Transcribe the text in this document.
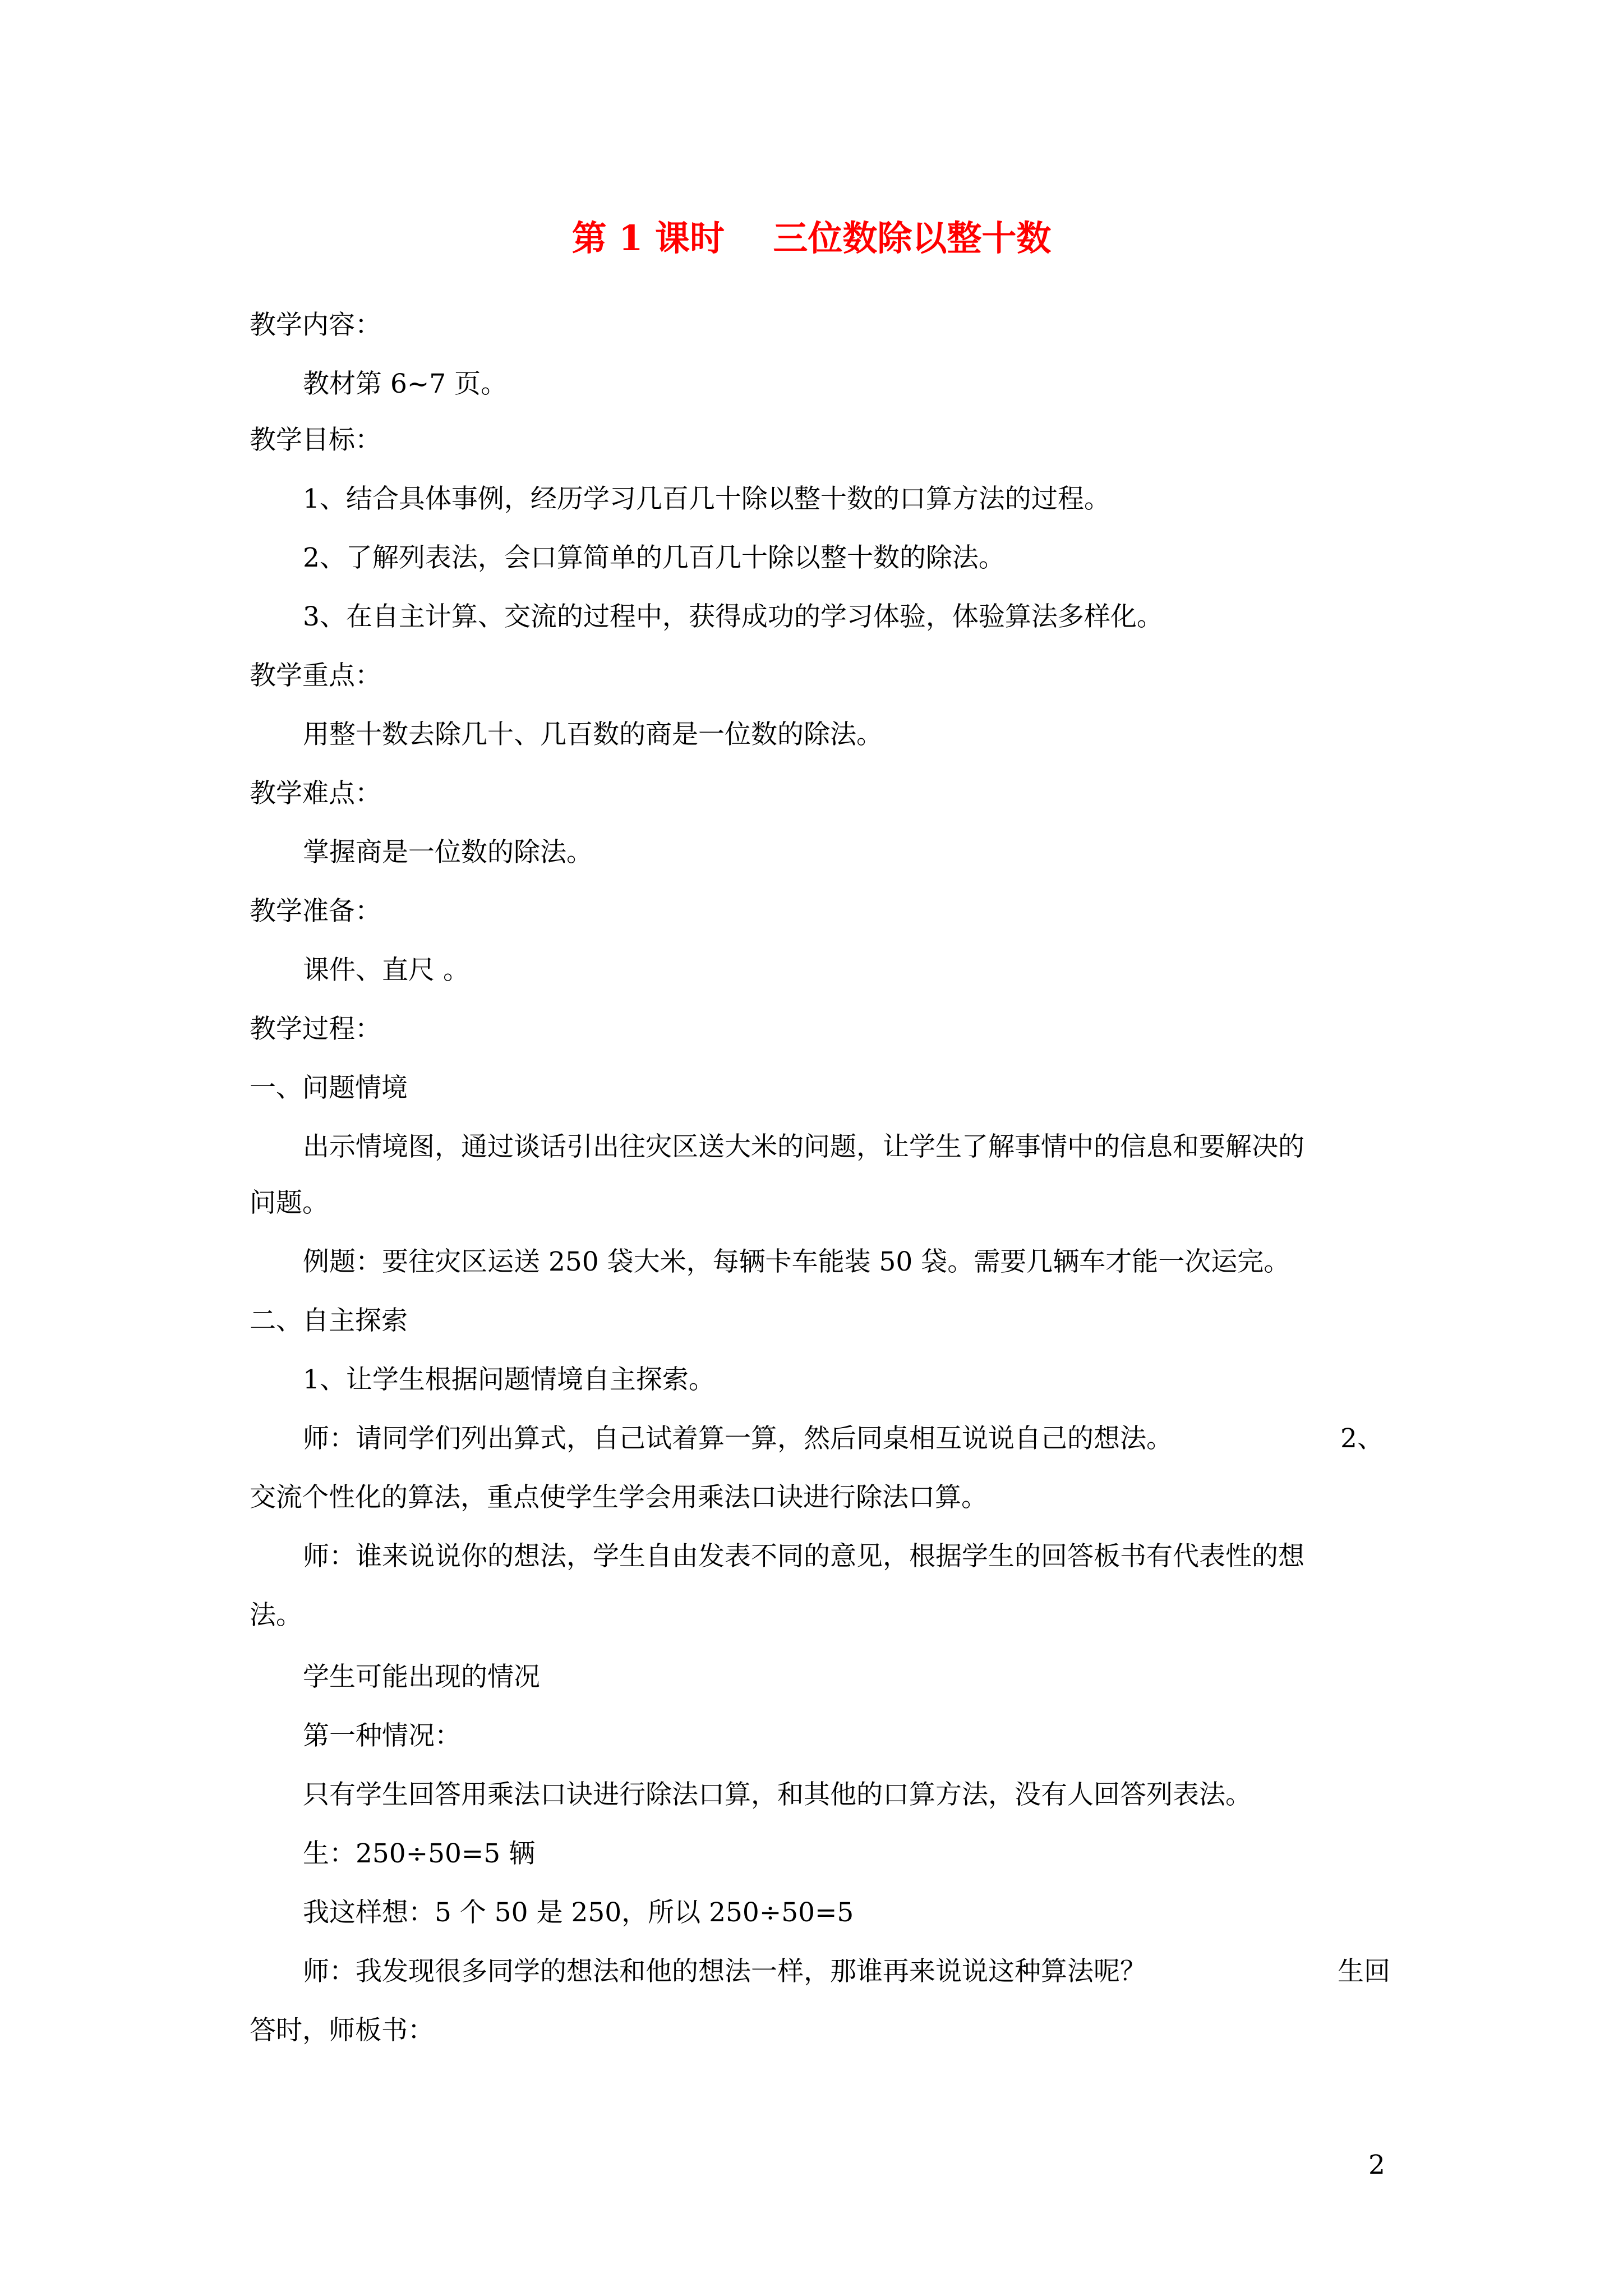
第 1 课时    三位数除以整十数

教学内容：

教材第 6~7 页。

教学目标：

1、结合具体事例，经历学习几百几十除以整十数的口算方法的过程。

2、了解列表法，会口算简单的几百几十除以整十数的除法。

3、在自主计算、交流的过程中，获得成功的学习体验，体验算法多样化。

教学重点：

用整十数去除几十、几百数的商是一位数的除法。

教学难点：

掌握商是一位数的除法。

教学准备：

课件、直尺 。

教学过程：

一、问题情境

出示情境图，通过谈话引出往灾区送大米的问题，让学生了解事情中的信息和要解决的

问题。

例题：要往灾区运送 250 袋大米，每辆卡车能装 50 袋。需要几辆车才能一次运完。

二、自主探索

1、让学生根据问题情境自主探索。

师：请同学们列出算式，自己试着算一算，然后同桌相互说说自己的想法。	2、

交流个性化的算法，重点使学生学会用乘法口诀进行除法口算。

师：谁来说说你的想法，学生自由发表不同的意见，根据学生的回答板书有代表性的想

法。

学生可能出现的情况

第一种情况：

只有学生回答用乘法口诀进行除法口算，和其他的口算方法，没有人回答列表法。

生：250÷50=5 辆

我这样想：5 个 50 是 250，所以 250÷50=5

师：我发现很多同学的想法和他的想法一样，那谁再来说说这种算法呢？	生回

答时，师板书：

2
